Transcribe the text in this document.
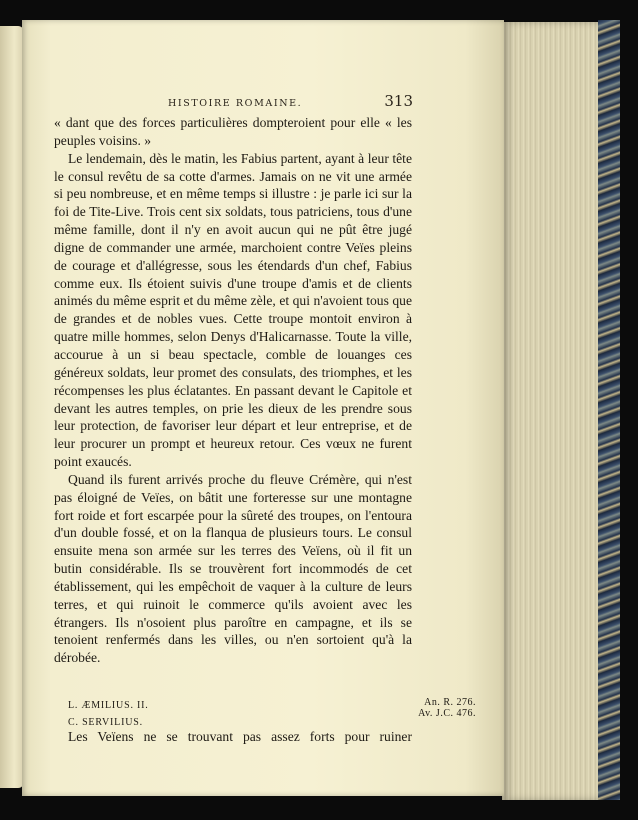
HISTOIRE ROMAINE.	313

« dant que des forces particulières dompteroient pour elle « les peuples voisins. »

Le lendemain, dès le matin, les Fabius partent, ayant à leur tête le consul revêtu de sa cotte d'armes. Jamais on ne vit une armée si peu nombreuse, et en même temps si illustre : je parle ici sur la foi de Tite-Live. Trois cent six soldats, tous patriciens, tous d'une même famille, dont il n'y en avoit aucun qui ne pût être jugé digne de commander une armée, marchoient contre Veïes pleins de courage et d'allégresse, sous les étendards d'un chef, Fabius comme eux. Ils étoient suivis d'une troupe d'amis et de clients animés du même esprit et du même zèle, et qui n'avoient tous que de grandes et de nobles vues. Cette troupe montoit environ à quatre mille hommes, selon Denys d'Halicarnasse. Toute la ville, accourue à un si beau spectacle, comble de louanges ces généreux soldats, leur promet des consulats, des triomphes, et les récompenses les plus éclatantes. En passant devant le Capitole et devant les autres temples, on prie les dieux de les prendre sous leur protection, de favoriser leur départ et leur entreprise, et de leur procurer un prompt et heureux retour. Ces vœux ne furent point exaucés.

Quand ils furent arrivés proche du fleuve Crémère, qui n'est pas éloigné de Veïes, on bâtit une forteresse sur une montagne fort roide et fort escarpée pour la sûreté des troupes, on l'entoura d'un double fossé, et on la flanqua de plusieurs tours. Le consul ensuite mena son armée sur les terres des Veïens, où il fit un butin considérable. Ils se trouvèrent fort incommodés de cet établissement, qui les empêchoit de vaquer à la culture de leurs terres, et qui ruinoit le commerce qu'ils avoient avec les étrangers. Ils n'osoient plus paroître en campagne, et ils se tenoient renfermés dans les villes, ou n'en sortoient qu'à la dérobée.

L. ÆMILIUS. II.
C. SERVILIUS.
An. R. 276.
Av. J.C. 476.
Les Veïens ne se trouvant pas assez forts pour ruiner
